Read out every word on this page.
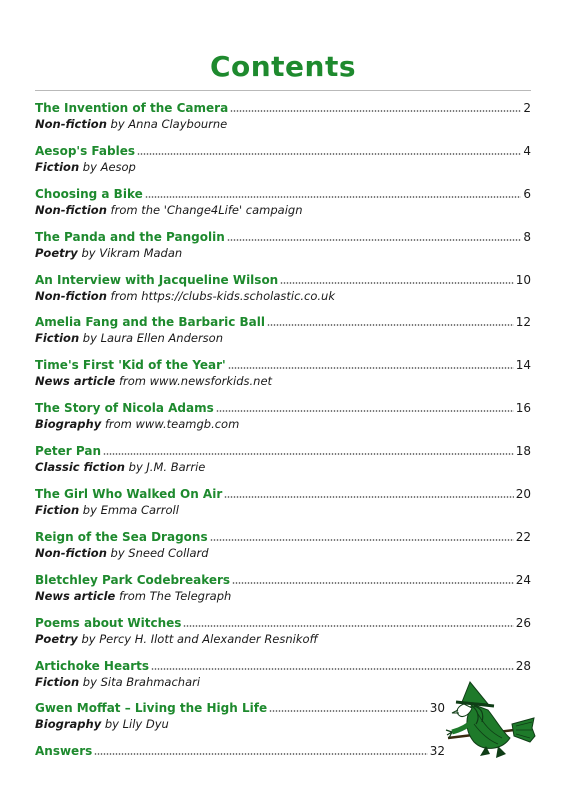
Contents
The Invention of the Camera	2
Non-fiction by Anna Claybourne
Aesop's Fables	4
Fiction by Aesop
Choosing a Bike	6
Non-fiction from the 'Change4Life' campaign
The Panda and the Pangolin	8
Poetry by Vikram Madan
An Interview with Jacqueline Wilson	10
Non-fiction from https://clubs-kids.scholastic.co.uk
Amelia Fang and the Barbaric Ball	12
Fiction by Laura Ellen Anderson
Time's First 'Kid of the Year'	14
News article from www.newsforkids.net
The Story of Nicola Adams	16
Biography from www.teamgb.com
Peter Pan	18
Classic fiction by J.M. Barrie
The Girl Who Walked On Air	20
Fiction by Emma Carroll
Reign of the Sea Dragons	22
Non-fiction by Sneed Collard
Bletchley Park Codebreakers	24
News article from The Telegraph
Poems about Witches	26
Poetry by Percy H. Ilott and Alexander Resnikoff
Artichoke Hearts	28
Fiction by Sita Brahmachari
Gwen Moffat – Living the High Life	30
Biography by Lily Dyu
Answers	32
